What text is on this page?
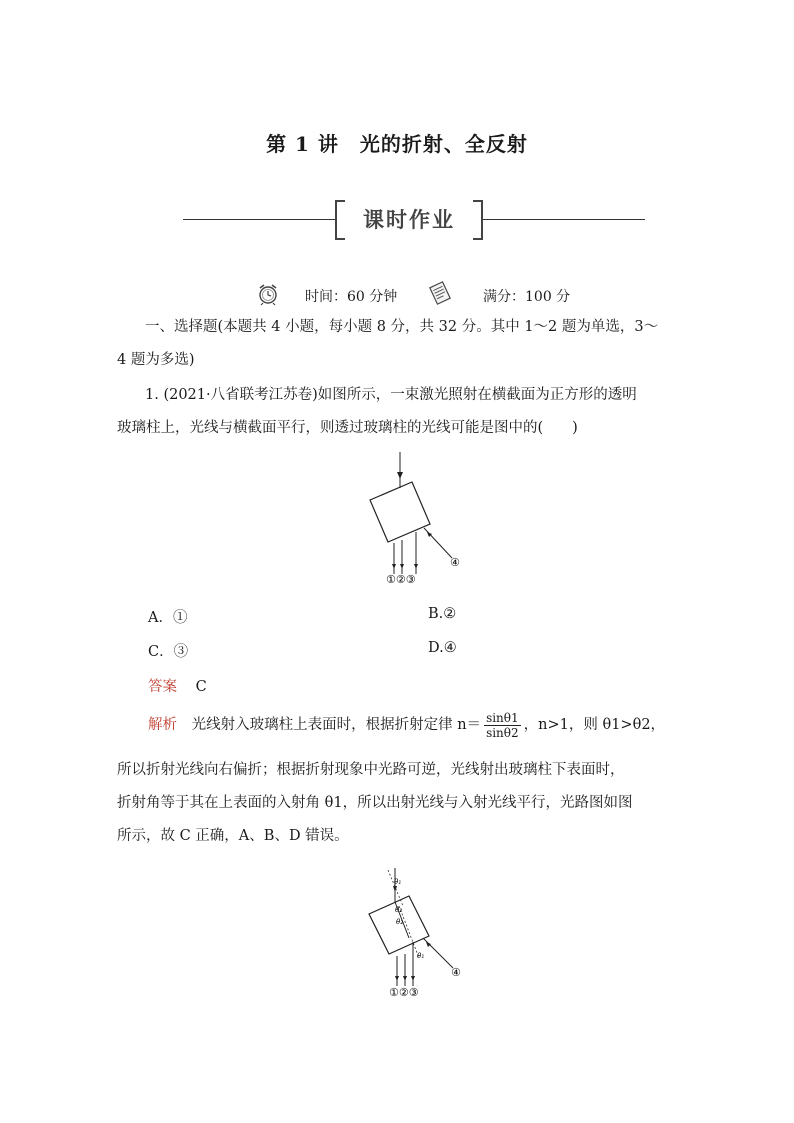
第 1 讲　光的折射、全反射
课时作业
时间：60 分钟	满分：100 分
一、选择题(本题共 4 小题，每小题 8 分，共 32 分。其中 1～2 题为单选，3～
4 题为多选)
1. (2021·八省联考江苏卷)如图所示，一束激光照射在横截面为正方形的透明
玻璃柱上，光线与横截面平行，则透过玻璃柱的光线可能是图中的(　　)
①②③
④
A．①	B.②
C．③	D.④
答案 C
解析 光线射入玻璃柱上表面时，根据折射定律 $n= \frac{\sin\theta 1}{\sin\theta 2}$ ，n>1，则 θ1>θ2，
所以折射光线向右偏折；根据折射现象中光路可逆，光线射出玻璃柱下表面时，
折射角等于其在上表面的入射角 θ1，所以出射光线与入射光线平行，光路图如图
所示，故 C 正确，A、B、D 错误。
θ₁
θ₂
θ₂
θ₁
①②③
④
